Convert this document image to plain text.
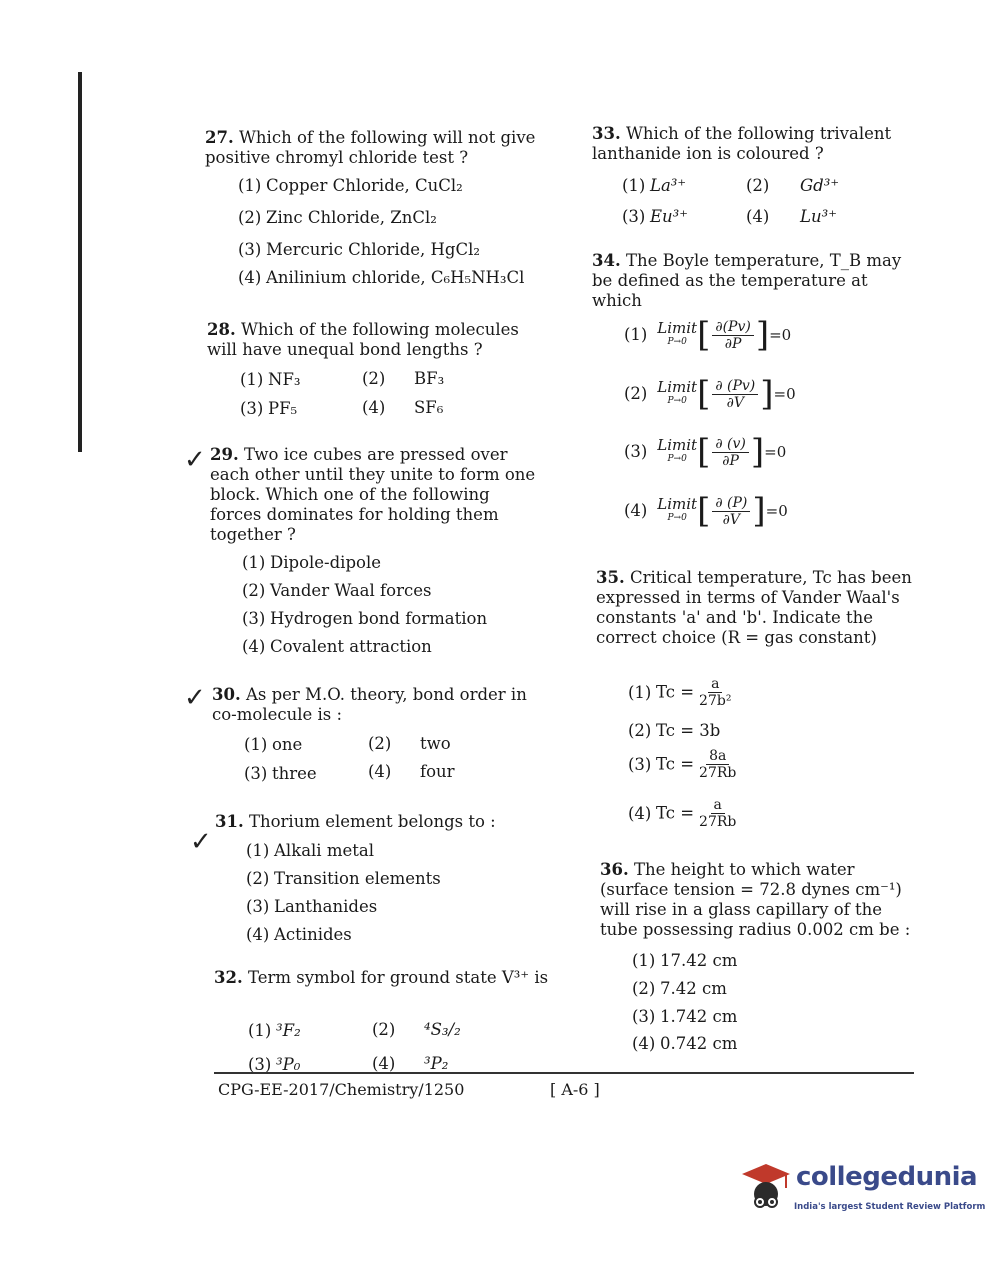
27. Which of the following will not give positive chromyl chloride test ?
(1) Copper Chloride, CuCl₂
(2) Zinc Chloride, ZnCl₂
(3) Mercuric Chloride, HgCl₂
(4) Anilinium chloride, C₆H₅NH₃Cl
28. Which of the following molecules will have unequal bond lengths ?
(1) NF₃	(2) BF₃
(3) PF₅	(4) SF₆
✓ 29. Two ice cubes are pressed over each other until they unite to form one block. Which one of the following forces dominates for holding them together ?
(1) Dipole-dipole
(2) Vander Waal forces
(3) Hydrogen bond formation
(4) Covalent attraction
✓ 30. As per M.O. theory, bond order in co-molecule is :
(1) one	(2) two
(3) three	(4) four
✓
31. Thorium element belongs to :
(1) Alkali metal
(2) Transition elements
(3) Lanthanides
(4) Actinides
32. Term symbol for ground state V³⁺ is
(1) ³F₂	(2) ⁴S₃/₂
(3) ³P₀	(4) ³P₂
33. Which of the following trivalent lanthanide ion is coloured ?
(1) La³⁺	(2) Gd³⁺
(3) Eu³⁺	(4) Lu³⁺
34. The Boyle temperature, T_B may be defined as the temperature at which
(1) Limit
P→0 [ $\frac{\partial(Pv)}{\partial P} ]=0$
(2) Limit
P→0 [ $\frac{\partial (Pv)}{\partial V} ]=0$
(3) Limit
P→0 [ $\frac{\partial (v)}{\partial P} ]=0$
(4) Limit
P→0 [ $\frac{\partial (P)}{\partial V} ]=0$
35. Critical temperature, Tc has been expressed in terms of Vander Waal's constants 'a' and 'b'. Indicate the correct choice (R = gas constant)
(1) $Tc = \frac{a}{\text{27b²}}$
(2) Tc = 3b
(3) $Tc = \frac{8a}{27Rb}$
(4) $Tc = \frac{a}{27Rb}$
36. The height to which water (surface tension = 72.8 dynes cm⁻¹) will rise in a glass capillary of the tube possessing radius 0.002 cm be :
(1) 17.42 cm
(2) 7.42 cm
(3) 1.742 cm
(4) 0.742 cm
CPG-EE-2017/Chemistry/1250	[ A-6 ]
collegedunia
India's largest Student Review Platform
